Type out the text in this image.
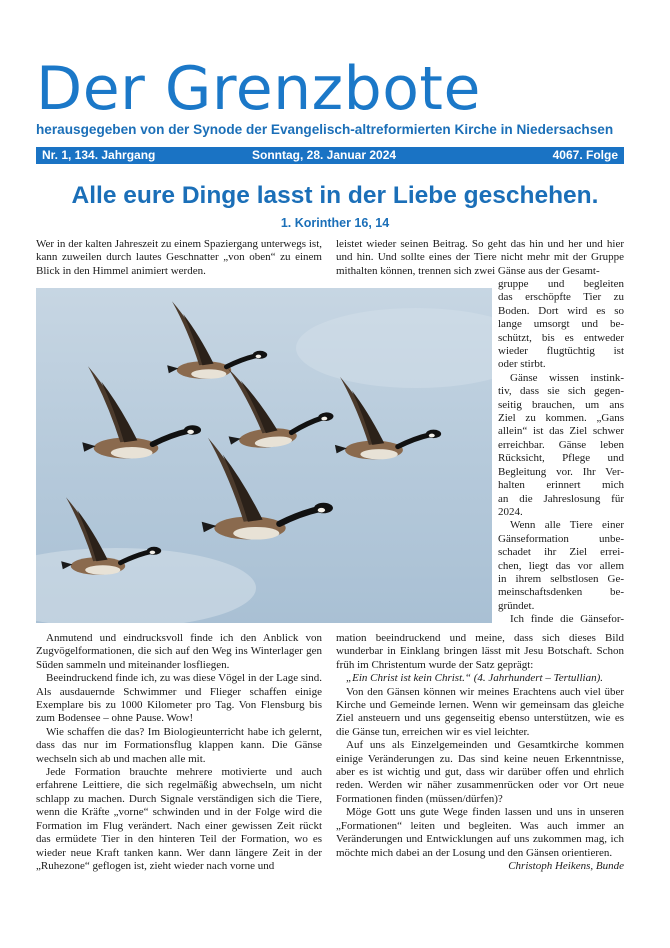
Der Grenzbote
herausgegeben von der Synode der Evangelisch-altreformierten Kirche in Niedersachsen
Nr. 1, 134. Jahrgang	Sonntag, 28. Januar 2024	4067. Folge
Alle eure Dinge lasst in der Liebe geschehen.
1. Korinther 16, 14

Wer in der kalten Jahreszeit zu einem Spaziergang unterwegs ist, kann zuweilen durch lautes Geschnatter „von oben“ zu einem Blick in den Himmel animiert werden.

leistet wieder seinen Beitrag. So geht das hin und her und hier und hin. Und sollte eines der Tiere nicht mehr mit der Gruppe mithalten können, trennen sich zwei Gänse aus der Gesamt-

gruppe und begleiten
das erschöpfte Tier zu
Boden. Dort wird es so
lange umsorgt und be-
schützt, bis es entweder
wieder flugtüchtig ist
oder stirbt.
Gänse wissen instink-
tiv, dass sie sich gegen-
seitig brauchen, um ans
Ziel zu kommen. „Gans
allein“ ist das Ziel schwer
erreichbar. Gänse leben
Rücksicht, Pflege und
Begleitung vor. Ihr Ver-
halten erinnert mich
an die Jahreslosung für
2024.
Wenn alle Tiere einer
Gänseformation unbe-
schadet ihr Ziel errei-
chen, liegt das vor allem
in ihrem selbstlosen Ge-
meinschaftsdenken be-
gründet.
Ich finde die Gänsefor-

Anmutend und eindrucksvoll finde ich den Anblick von Zugvögelformationen, die sich auf den Weg ins Winterlager gen Süden sammeln und miteinander losfliegen.

Beeindruckend finde ich, zu was diese Vögel in der Lage sind. Als ausdauernde Schwimmer und Flieger schaffen einige Exemplare bis zu 1000 Kilometer pro Tag. Von Flensburg bis zum Bodensee – ohne Pause. Wow!

Wie schaffen die das? Im Biologieunterricht habe ich gelernt, dass das nur im Formationsflug klappen kann. Die Gänse wechseln sich ab und machen alle mit.

Jede Formation brauchte mehrere motivierte und auch erfahrene Leittiere, die sich regelmäßig abwechseln, um nicht schlapp zu machen. Durch Signale verständigen sich die Tiere, wenn die Kräfte „vorne“ schwinden und in der Folge wird die Formation im Flug verändert. Nach einer gewissen Zeit rückt das ermüdete Tier in den hinteren Teil der Formation, wo es wieder neue Kraft tanken kann. Wer dann längere Zeit in der „Ruhezone“ geflogen ist, zieht wieder nach vorne und

mation beeindruckend und meine, dass sich dieses Bild wunderbar in Einklang bringen lässt mit Jesu Botschaft. Schon früh im Christentum wurde der Satz geprägt:

„Ein Christ ist kein Christ.“ (4. Jahrhundert – Tertullian).

Von den Gänsen können wir meines Erachtens auch viel über Kirche und Gemeinde lernen. Wenn wir gemeinsam das gleiche Ziel ansteuern und uns gegenseitig ebenso unterstützen, wie es die Gänse tun, erreichen wir es viel leichter.

Auf uns als Einzelgemeinden und Gesamtkirche kommen einige Veränderungen zu. Das sind keine neuen Erkenntnisse, aber es ist wichtig und gut, dass wir darüber offen und ehrlich reden. Werden wir näher zusammenrücken oder vor Ort neue Formationen finden (müssen/dürfen)?

Möge Gott uns gute Wege finden lassen und uns in unseren „Formationen“ leiten und begleiten. Was auch immer an Veränderungen und Entwicklungen auf uns zukommen mag, ich möchte mich dabei an der Losung und den Gänsen orientieren.

Christoph Heikens, Bunde
